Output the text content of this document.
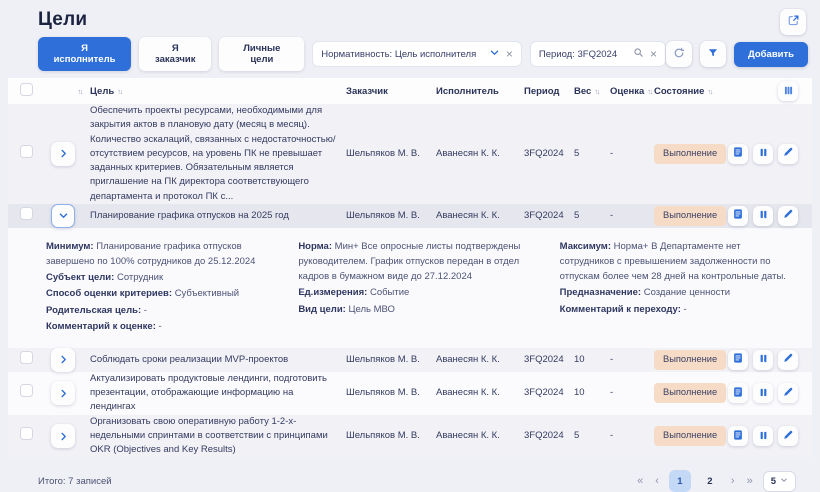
Цели
Я исполнитель
Я заказчик
Личные цели	Нормативность: Цель исполнителя ×	Период: 3FQ2024	×	Добавить
↑↓ Цель ↑↓	Заказчик	Исполнитель	Период	Вес ↑↓	Оценка ↑↓ Состояние ↑↓
Обеспечить проекты ресурсами, необходимыми для закрытия актов в плановую дату (месяц в месяц). Количество эскалаций, связанных с недостаточностью/отсутствием ресурсов, на уровень ПК не превышает заданных критериев. Обязательным является приглашение на ПК директора соответствующего департамента и протокол ПК с...
Шельпяков М. В.	Аванесян К. К.	3FQ2024	5	-	Выполнение
Планирование графика отпусков на 2025 год	Шельпяков М. В.	Аванесян К. К.	3FQ2024	5	-	Выполнение
Минимум: Планирование графика отпусков завершено по 100% сотрудников до 25.12.2024
Субъект цели: Сотрудник
Способ оценки критериев: Субъективный
Родительская цель: -
Комментарий к оценке: -
Норма: Мин+ Все опросные листы подтверждены руководителем. График отпусков передан в отдел кадров в бумажном виде до 27.12.2024
Ед.измерения: Событие
Вид цели: Цель МВО
Максимум: Норма+ В Департаменте нет сотрудников с превышением задолженности по отпускам более чем 28 дней на контрольные даты.
Предназначение: Создание ценности
Комментарий к переходу: -
Соблюдать сроки реализации MVP-проектов	Шельпяков М. В.	Аванесян К. К.	3FQ2024	10	-	Выполнение
Актуализировать продуктовые лендинги, подготовить презентации, отображающие информацию на лендингах
Шельпяков М. В.	Аванесян К. К.	3FQ2024	10	-	Выполнение
Организовать свою оперативную работу 1-2-х-недельными спринтами в соответствии с принципами OKR (Objectives and Key Results)
Шельпяков М. В.	Аванесян К. К.	3FQ2024	5	-	Выполнение
Итого: 7 записей	« ‹	1	2	› » 5
